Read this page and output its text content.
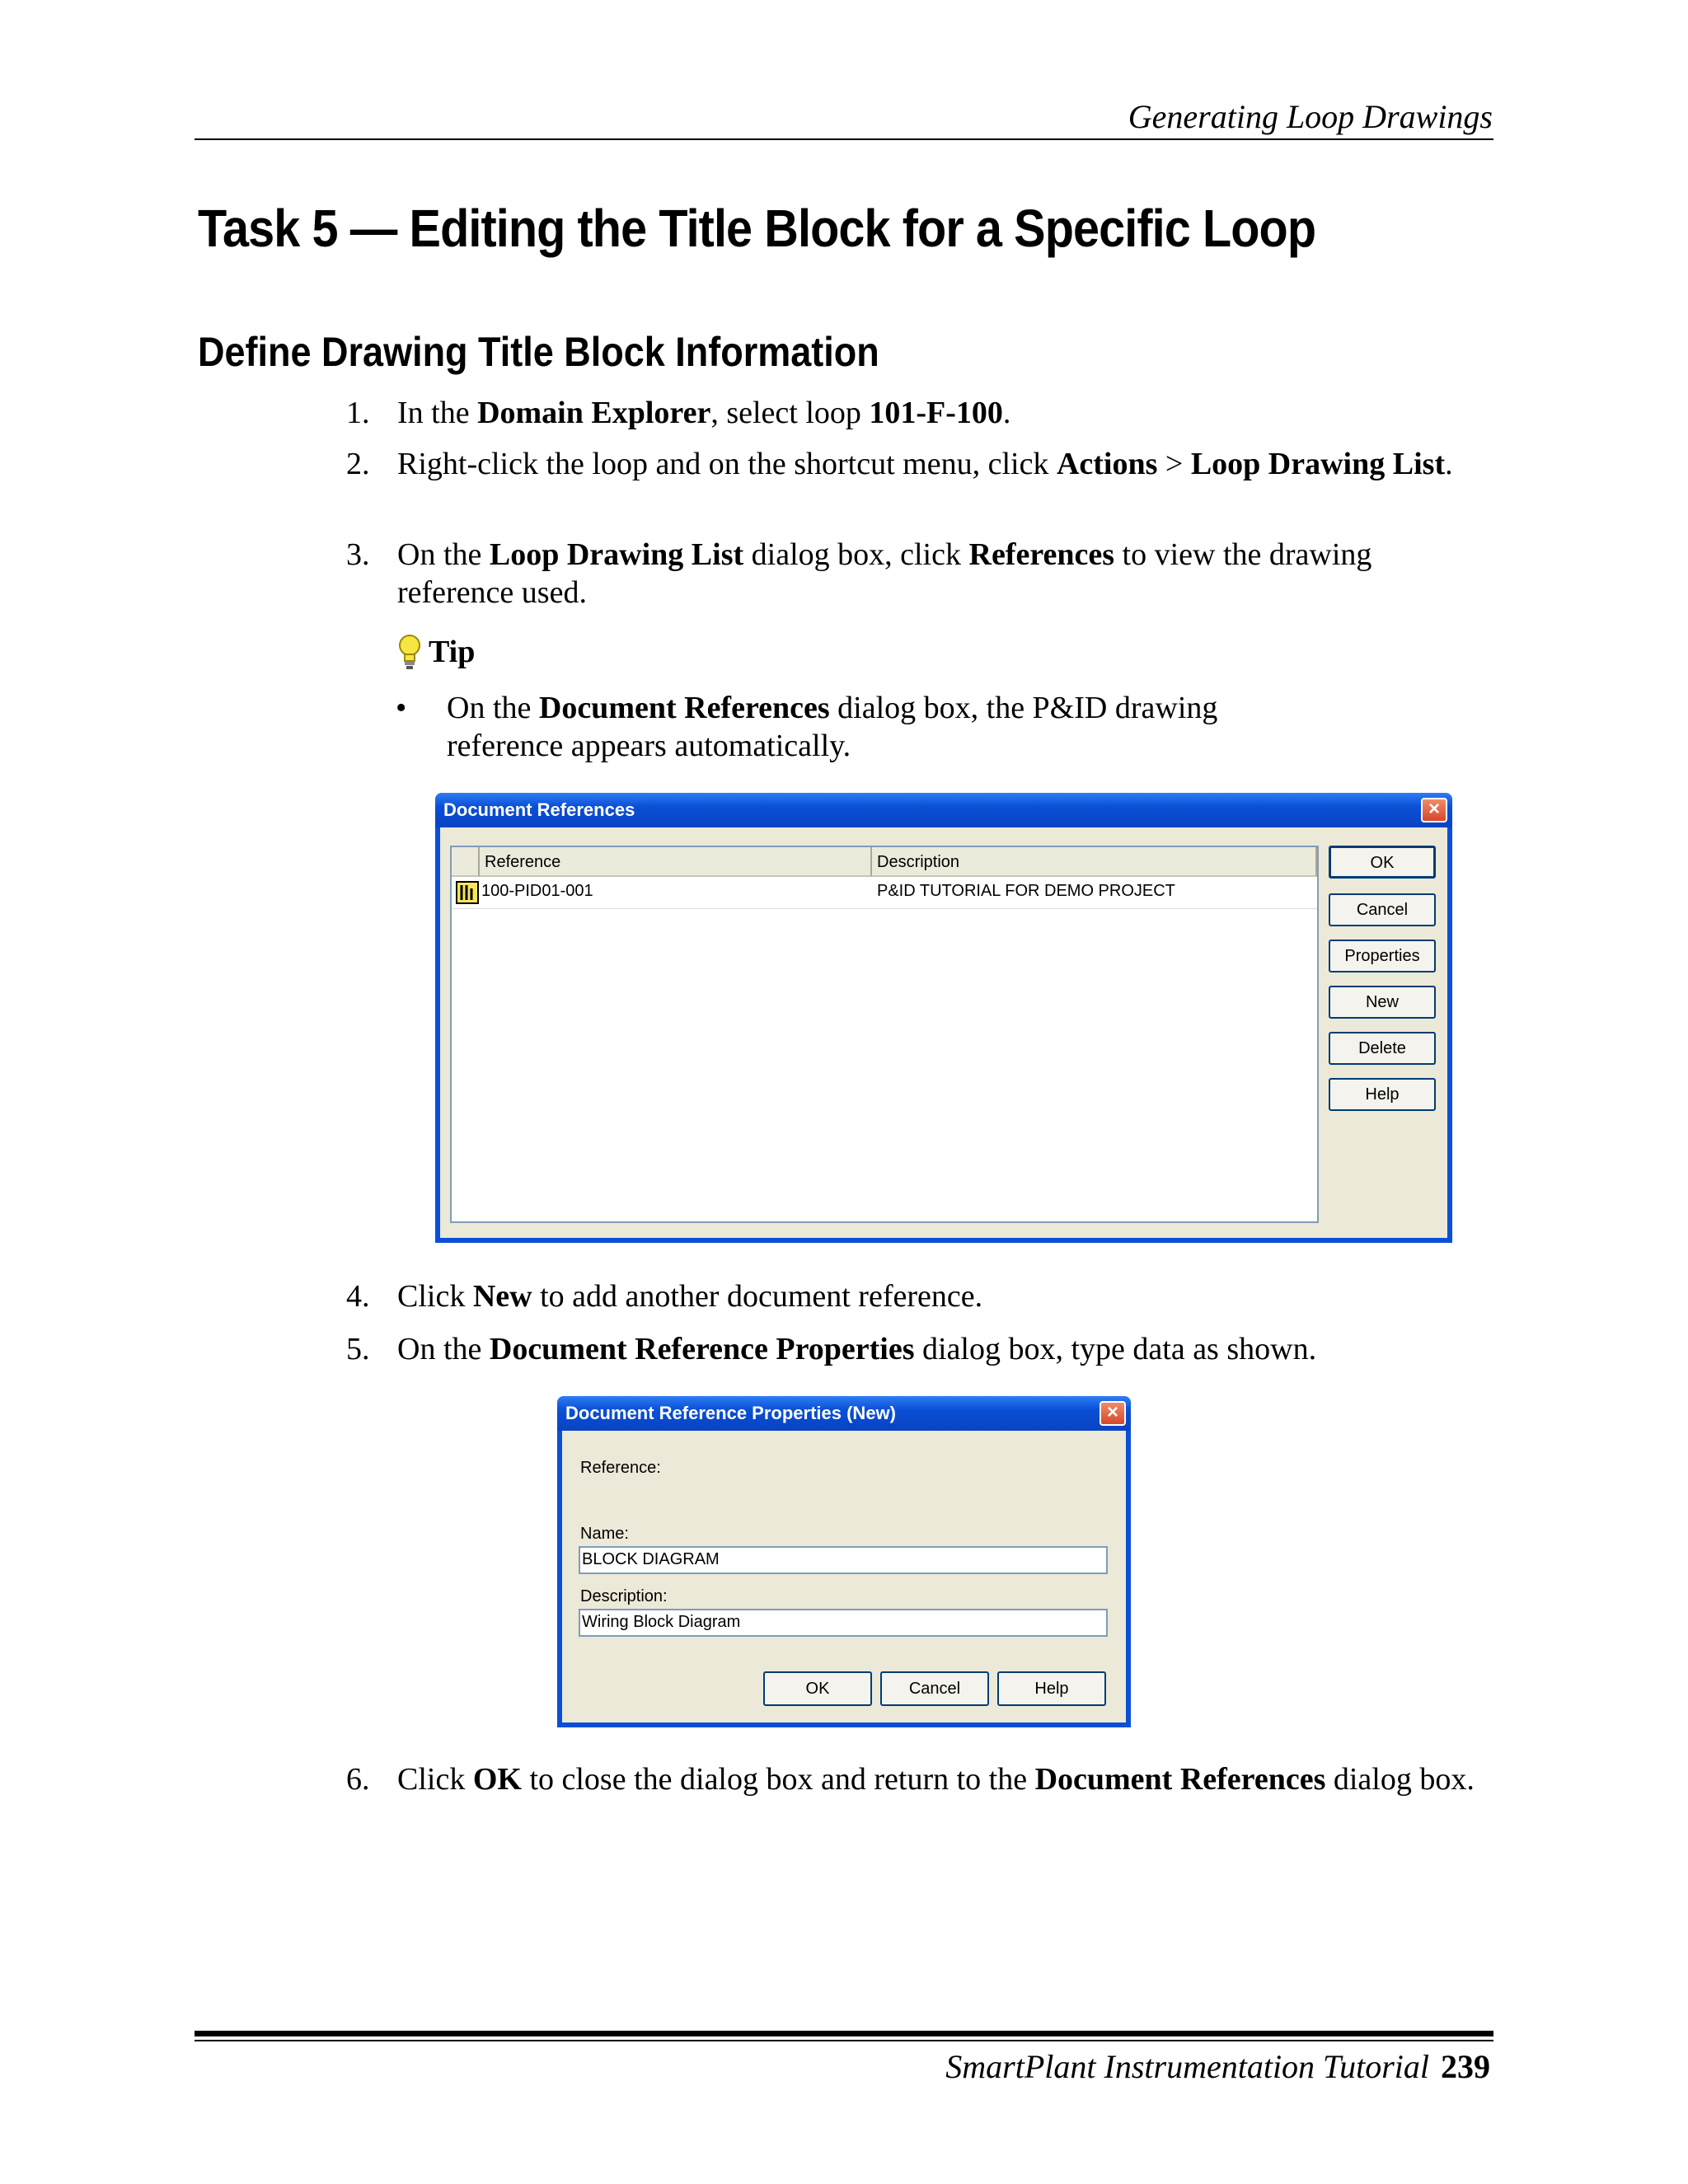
Generating Loop Drawings
Task 5 — Editing the Title Block for a Specific Loop
Define Drawing Title Block Information
1. In the Domain Explorer, select loop 101-F-100.
2. Right-click the loop and on the shortcut menu, click Actions > Loop Drawing List.
3. On the Loop Drawing List dialog box, click References to view the drawing reference used.
Tip
• On the Document References dialog box, the P&ID drawing reference appears automatically.
Document References	×
Reference	Description
100-PID01-001	P&ID TUTORIAL FOR DEMO PROJECT
OK
Cancel
Properties
New
Delete
Help
4. Click New to add another document reference.
5. On the Document Reference Properties dialog box, type data as shown.
Document Reference Properties (New)	×
Reference:
Name:
BLOCK DIAGRAM
Description:
Wiring Block Diagram
OK	Cancel	Help
6. Click OK to close the dialog box and return to the Document References dialog box.
SmartPlant Instrumentation Tutorial 239
